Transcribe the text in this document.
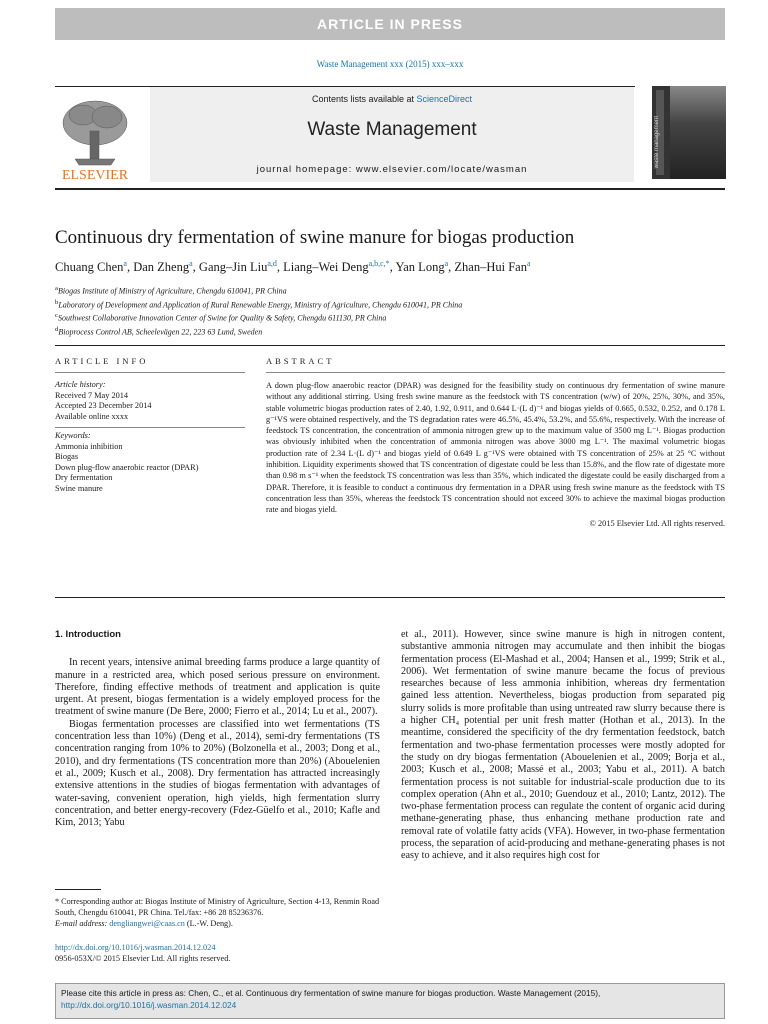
ARTICLE IN PRESS
Waste Management xxx (2015) xxx–xxx
ELSEVIER
Contents lists available at ScienceDirect
Waste Management
journal homepage: www.elsevier.com/locate/wasman
waste management
Continuous dry fermentation of swine manure for biogas production
Chuang Chen$^a$, Dan Zheng$^a$, Gang–Jin Liu$^{a,d}$, Liang–Wei Deng$^{a,b,c,*}$, Yan Long$^a$, Zhan–Hui Fan$^a$
$^a$Biogas Institute of Ministry of Agriculture, Chengdu 610041, PR China
$^b$Laboratory of Development and Application of Rural Renewable Energy, Ministry of Agriculture, Chengdu 610041, PR China
$^c$Southwest Collaborative Innovation Center of Swine for Quality & Safety, Chengdu 611130, PR China
$^d$Bioprocess Control AB, Scheelevägen 22, 223 63 Lund, Sweden
ARTICLE INFO	ABSTRACT
Article history:
Received 7 May 2014
Accepted 23 December 2014
Available online xxxx
Keywords:
Ammonia inhibition
Biogas
Down plug-flow anaerobic reactor (DPAR)
Dry fermentation
Swine manure
A down plug-flow anaerobic reactor (DPAR) was designed for the feasibility study on continuous dry fermentation of swine manure without any additional stirring. Using fresh swine manure as the feedstock with TS concentration (w/w) of 20%, 25%, 30%, and 35%, stable volumetric biogas production rates of 2.40, 1.92, 0.911, and 0.644 L·(L d)⁻¹ and biogas yields of 0.665, 0.532, 0.252, and 0.178 L g⁻¹VS were obtained respectively, and the TS degradation rates were 46.5%, 45.4%, 53.2%, and 55.6%, respectively. With the increase of feedstock TS concentration, the concentration of ammonia nitrogen grew up to the maximum value of 3500 mg L⁻¹. Biogas production was obviously inhibited when the concentration of ammonia nitrogen was above 3000 mg L⁻¹. The maximal volumetric biogas production rate of 2.34 L·(L d)⁻¹ and biogas yield of 0.649 L g⁻¹VS were obtained with TS concentration of 25% at 25 °C without inhibition. Liquidity experiments showed that TS concentration of digestate could be less than 15.8%, and the flow rate of digestate more than 0.98 m s⁻¹ when the feedstock TS concentration was less than 35%, which indicated the digestate could be easily discharged from a DPAR. Therefore, it is feasible to conduct a continuous dry fermentation in a DPAR using fresh swine manure as the feedstock with TS concentration less than 35%, whereas the feedstock TS concentration should not exceed 30% to achieve the maximal biogas production rate and biogas yield.
© 2015 Elsevier Ltd. All rights reserved.
1. Introduction

In recent years, intensive animal breeding farms produce a large quantity of manure in a restricted area, which posed serious pressure on environment. Therefore, finding effective methods of treatment and application is quite urgent. At present, biogas fermentation is a widely employed process for the treatment of swine manure (De Bere, 2000; Fierro et al., 2014; Lu et al., 2007).

Biogas fermentation processes are classified into wet fermentations (TS concentration less than 10%) (Deng et al., 2014), semi-dry fermentations (TS concentration ranging from 10% to 20%) (Bolzonella et al., 2003; Dong et al., 2010), and dry fermentations (TS concentration more than 20%) (Abouelenien et al., 2009; Kusch et al., 2008). Dry fermentation has attracted increasingly extensive attentions in the studies of biogas fermentation with advantages of water-saving, convenient operation, high yields, high fermentation slurry concentration, and better energy-recovery (Fdez-Güelfo et al., 2010; Kafle and Kim, 2013; Yabu

et al., 2011). However, since swine manure is high in nitrogen content, substantive ammonia nitrogen may accumulate and then inhibit the biogas fermentation process (El-Mashad et al., 2004; Hansen et al., 1999; Strik et al., 2006). Wet fermentation of swine manure became the focus of previous researches because of less ammonia inhibition, whereas dry fermentation gained less attention. Nevertheless, biogas production from separated pig slurry solids is more profitable than using untreated raw slurry because there is a higher CH₄ potential per unit fresh matter (Hothan et al., 2013). In the meantime, considered the specificity of the dry fermentation feedstock, batch fermentation and two-phase fermentation processes were mostly adopted for the study on dry biogas fermentation (Abouelenien et al., 2009; Borja et al., 2003; Kusch et al., 2008; Massé et al., 2003; Yabu et al., 2011). A batch fermentation process is not suitable for industrial-scale production due to its complex operation (Ahn et al., 2010; Guendouz et al., 2010; Lantz, 2012). The two-phase fermentation process can regulate the content of organic acid during methane-generating phase, thus enhancing methane production rate and removal rate of volatile fatty acids (VFA). However, in two-phase fermentation process, the separation of acid-producing and methane-generating phases is not easy to achieve, and it also requires high cost for
* Corresponding author at: Biogas Institute of Ministry of Agriculture, Section 4-13, Renmin Road South, Chengdu 610041, PR China. Tel./fax: +86 28 85236376.
E-mail address: dengliangwei@caas.cn (L.-W. Deng).
http://dx.doi.org/10.1016/j.wasman.2014.12.024
0956-053X/© 2015 Elsevier Ltd. All rights reserved.
Please cite this article in press as: Chen, C., et al. Continuous dry fermentation of swine manure for biogas production. Waste Management (2015), http://dx.doi.org/10.1016/j.wasman.2014.12.024
